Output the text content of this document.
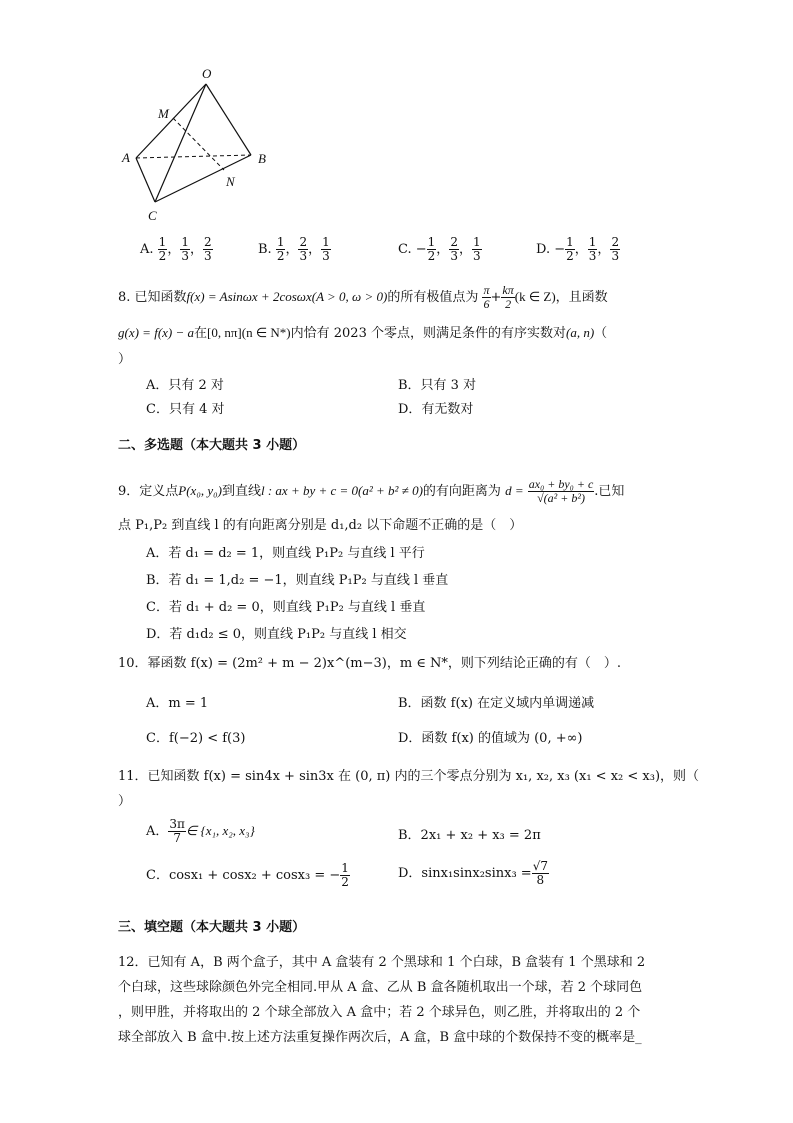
O
M
A	B
N
C
A. $\frac{1}{2}$ ， $\frac{1}{3}$ ， $\frac{2}{3}$	B. $\frac{1}{2}$ ， $\frac{2}{3}$ ， $\frac{1}{3}$	C. − $\frac{1}{2}$ ， $\frac{2}{3}$ ， $\frac{1}{3}$	D. − $\frac{1}{2}$ ， $\frac{1}{3}$ ， $\frac{2}{3}$
8. 已知函数f(x) = Asinωx + 2cosωx(A > 0, ω > 0)的所有极值点为 $\frac{\pi}{6} + \frac{k\pi}{2} (k$ ∈ Z)，且函数
g(x) = f(x) − a在[0, nπ](n ∈ N*)内恰有 2023 个零点，则满足条件的有序实数对(a, n)（
）
A．只有 2 对	B．只有 3 对
C．只有 4 对	D．有无数对
二、多选题（本大题共 3 小题）
9．定义点P(x₀, y₀)到直线l : ax + by + c = 0(a² + b² ≠ 0)的有向距离为 $d = \frac{\text{ax₀ + by₀ + c}}{\text{√(a² + b²)}}$ .已知
点 P₁,P₂ 到直线 l 的有向距离分别是 d₁,d₂ 以下命题不正确的是（　）
A．若 d₁ = d₂ = 1，则直线 P₁P₂ 与直线 l 平行
B．若 d₁ = 1,d₂ = −1，则直线 P₁P₂ 与直线 l 垂直
C．若 d₁ + d₂ = 0，则直线 P₁P₂ 与直线 l 垂直
D．若 d₁d₂ ≤ 0，则直线 P₁P₂ 与直线 l 相交
10．幂函数 f(x) = (2m² + m − 2)x^(m−3)，m ∈ N*，则下列结论正确的有（　）.
A．m = 1	B．函数 f(x) 在定义域内单调递减
C．f(−2) < f(3)	D．函数 f(x) 的值域为 (0, +∞)
11．已知函数 f(x) = sin4x + sin3x 在 (0, π) 内的三个零点分别为 x₁, x₂, x₃ (x₁ < x₂ < x₃)，则（
）
A． $\frac{3\pi}{7}$ ∈ {x₁, x₂, x₃}	B．2x₁ + x₂ + x₃ = 2π
C．cosx₁ + cosx₂ + cosx₃ = − $\frac{1}{2}$	D．$\sin x_1\sin x_2\sin x_3 = \frac{√7}{8}$
三、填空题（本大题共 3 小题）
12．已知有 A，B 两个盒子，其中 A 盒装有 2 个黑球和 1 个白球，B 盒装有 1 个黑球和 2
个白球，这些球除颜色外完全相同.甲从 A 盒、乙从 B 盒各随机取出一个球，若 2 个球同色
，则甲胜，并将取出的 2 个球全部放入 A 盒中；若 2 个球异色，则乙胜，并将取出的 2 个
球全部放入 B 盒中.按上述方法重复操作两次后，A 盒，B 盒中球的个数保持不变的概率是_
